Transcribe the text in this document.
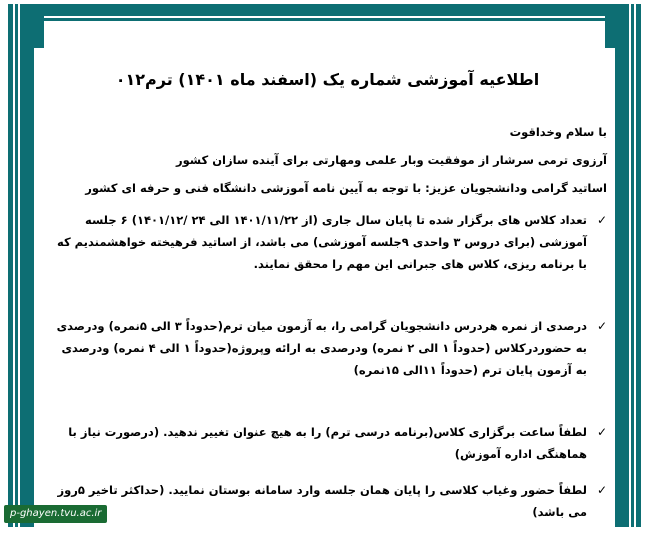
اطلاعیه آموزشی شماره یک (اسفند ماه ۱۴۰۱) ترم۰۱۲

با سلام وخداقوت

آرزوی ترمی سرشار از موفقیت وبار علمی ومهارتی برای آینده سازان کشور

اساتید گرامی ودانشجویان عزیز: با توجه به آیین نامه آموزشی دانشگاه فنی و حرفه ای کشور

✓
تعداد کلاس های برگزار شده تا پایان سال جاری (از ۱۴۰۱/۱۱/۲۲ الی ۲۴ /۱۴۰۱/۱۲) ۶ جلسه آموزشی (برای دروس ۳ واحدی ۹جلسه آموزشی) می باشد، از اساتید فرهیخته خواهشمندیم که با برنامه ریزی، کلاس های جبرانی این مهم را محقق نمایند.
✓
درصدی از نمره هردرس دانشجویان گرامی را، به آزمون میان ترم(حدوداً ۳ الی ۵نمره) ودرصدی به حضوردرکلاس (حدوداً ۱ الی ۲ نمره) ودرصدی به ارائه وپروژه(حدوداً ۱ الی ۴ نمره) ودرصدی به آزمون پایان ترم (حدوداً ۱۱الی ۱۵نمره)
✓
لطفاً ساعت برگزاری کلاس(برنامه درسی ترم) را به هیچ عنوان تغییر ندهید. (درصورت نیاز با هماهنگی اداره آموزش)
✓
لطفاً حضور وغیاب کلاسی را پایان همان جلسه وارد سامانه بوستان نمایید. (حداکثر تاخیر ۵روز می باشد)
p-ghayen.tvu.ac.ir
